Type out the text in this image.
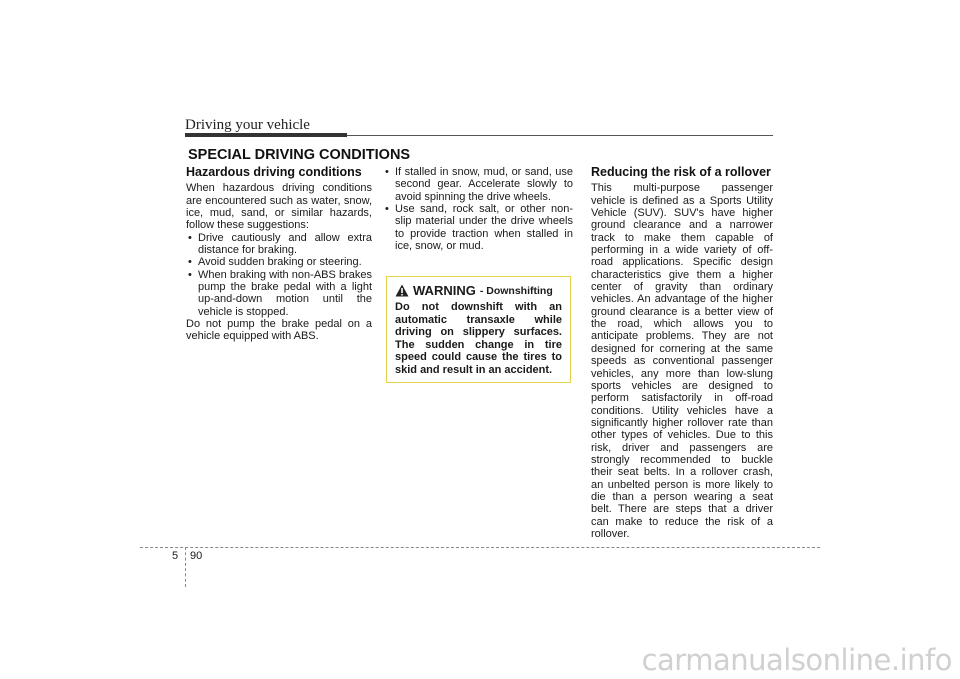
Driving your vehicle
SPECIAL DRIVING CONDITIONS
Hazardous driving conditions

When hazardous driving conditions are encountered such as water, snow, ice, mud, sand, or similar hazards, follow these suggestions:

• Drive cautiously and allow extra distance for braking.
• Avoid sudden braking or steering.
• When braking with non-ABS brakes pump the brake pedal with a light up-and-down motion until the vehicle is stopped.

Do not pump the brake pedal on a vehicle equipped with ABS.

• If stalled in snow, mud, or sand, use second gear. Accelerate slowly to avoid spinning the drive wheels.
• Use sand, rock salt, or other non-slip material under the drive wheels to provide traction when stalled in ice, snow, or mud.
WARNING - Downshifting
Do not downshift with an automatic transaxle while driving on slippery surfaces. The sudden change in tire speed could cause the tires to skid and result in an accident.
Reducing the risk of a rollover

This multi-purpose passenger vehicle is defined as a Sports Utility Vehicle (SUV). SUV's have higher ground clearance and a narrower track to make them capable of performing in a wide variety of off-road applications. Specific design characteristics give them a higher center of gravity than ordinary vehicles. An advantage of the higher ground clearance is a better view of the road, which allows you to anticipate problems. They are not designed for cornering at the same speeds as conventional passenger vehicles, any more than low-slung sports vehicles are designed to perform satisfactorily in off-road conditions. Utility vehicles have a significantly higher rollover rate than other types of vehicles. Due to this risk, driver and passengers are strongly recommended to buckle their seat belts. In a rollover crash, an unbelted person is more likely to die than a person wearing a seat belt. There are steps that a driver can make to reduce the risk of a rollover.

5 90
carmanualsonline.info
